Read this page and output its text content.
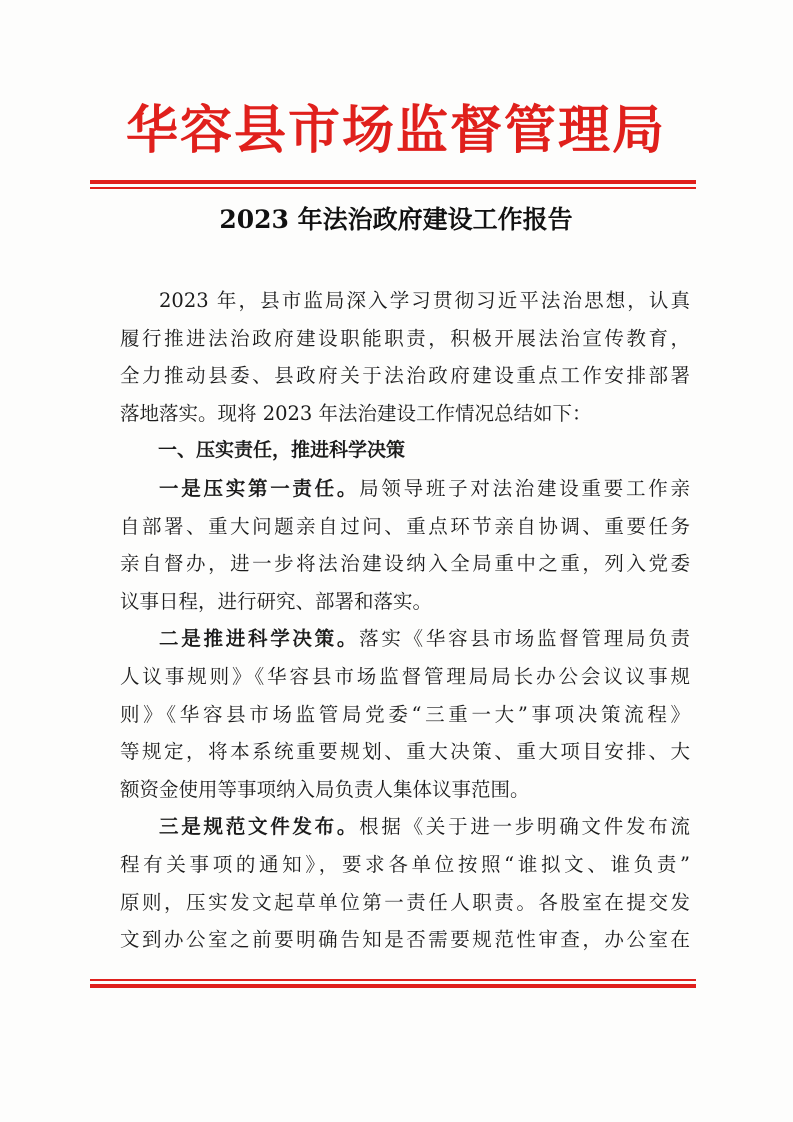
华容县市场监督管理局
2023 年法治政府建设工作报告
2023 年，县市监局深入学习贯彻习近平法治思想，认真
履行推进法治政府建设职能职责，积极开展法治宣传教育，
全力推动县委、县政府关于法治政府建设重点工作安排部署
落地落实。现将 2023 年法治建设工作情况总结如下：
一、压实责任，推进科学决策
一是压实第一责任。局领导班子对法治建设重要工作亲
自部署、重大问题亲自过问、重点环节亲自协调、重要任务
亲自督办，进一步将法治建设纳入全局重中之重，列入党委
议事日程，进行研究、部署和落实。
二是推进科学决策。落实《华容县市场监督管理局负责
人议事规则》《华容县市场监督管理局局长办公会议议事规
则》《华容县市场监管局党委“三重一大”事项决策流程》
等规定，将本系统重要规划、重大决策、重大项目安排、大
额资金使用等事项纳入局负责人集体议事范围。
三是规范文件发布。根据《关于进一步明确文件发布流
程有关事项的通知》，要求各单位按照“谁拟文、谁负责”
原则，压实发文起草单位第一责任人职责。各股室在提交发
文到办公室之前要明确告知是否需要规范性审查，办公室在
